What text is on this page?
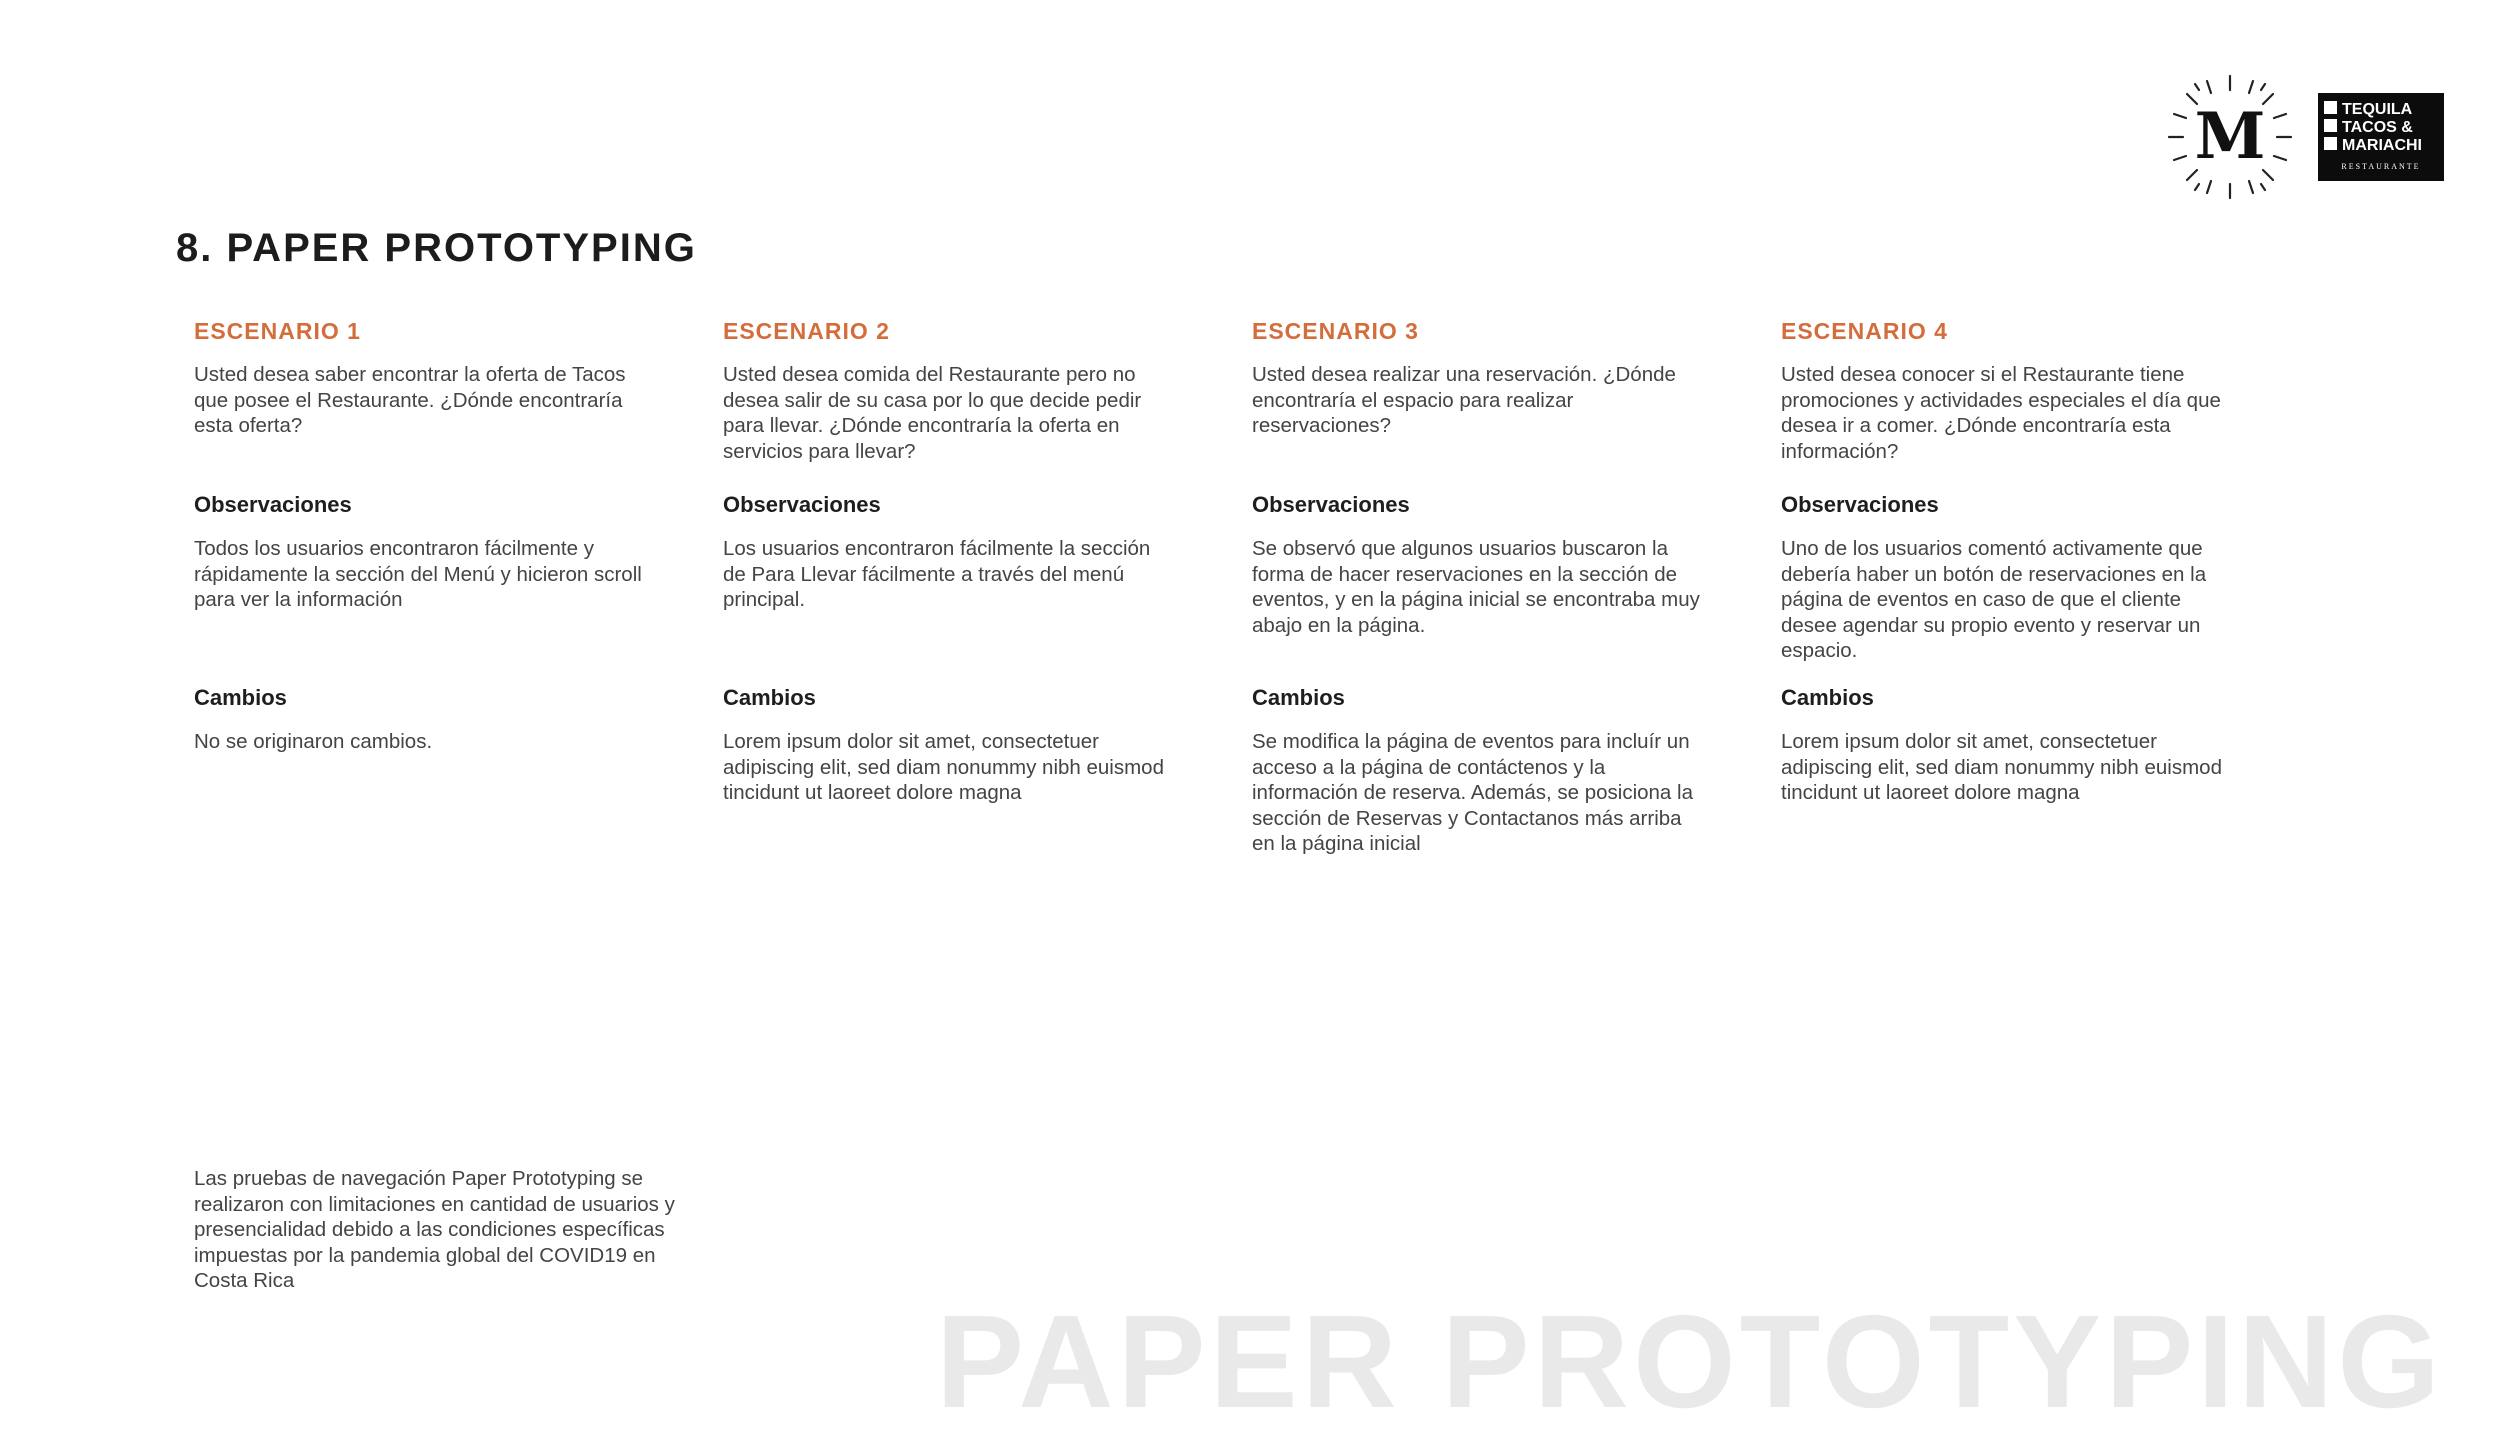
M	TEQUILA
TACOS &
MARIACHI
RESTAURANTE
8. PAPER PROTOTYPING
ESCENARIO 1

Usted desea saber encontrar la oferta de Tacos que posee el Restaurante. ¿Dónde encontraría esta oferta?

Observaciones

Todos los usuarios encontraron fácilmente y rápidamente la sección del Menú y hicieron scroll para ver la información

Cambios

No se originaron cambios.

ESCENARIO 2

Usted desea comida del Restaurante pero no desea salir de su casa por lo que decide pedir para llevar. ¿Dónde encontraría la oferta en servicios para llevar?

Observaciones

Los usuarios encontraron fácilmente la sección de Para Llevar fácilmente a través del menú principal.

Cambios

Lorem ipsum dolor sit amet, consectetuer adipiscing elit, sed diam nonummy nibh euismod tincidunt ut laoreet dolore magna

ESCENARIO 3

Usted desea realizar una reservación. ¿Dónde encontraría el espacio para realizar reservaciones?

Observaciones

Se observó que algunos usuarios buscaron la forma de hacer reservaciones en la sección de eventos, y en la página inicial se encontraba muy abajo en la página.

Cambios

Se modifica la página de eventos para incluír un acceso a la página de contáctenos y la información de reserva. Además, se posiciona la sección de Reservas y Contactanos más arriba en la página inicial

ESCENARIO 4

Usted desea conocer si el Restaurante tiene promociones y actividades especiales el día que desea ir a comer. ¿Dónde encontraría esta información?

Observaciones

Uno de los usuarios comentó activamente que debería haber un botón de reservaciones en la página de eventos en caso de que el cliente desee agendar su propio evento y reservar un espacio.

Cambios

Lorem ipsum dolor sit amet, consectetuer adipiscing elit, sed diam nonummy nibh euismod tincidunt ut laoreet dolore magna

Las pruebas de navegación Paper Prototyping se realizaron con limitaciones en cantidad de usuarios y presencialidad debido a las condiciones específicas impuestas por la pandemia global del COVID19 en Costa Rica

PAPER PROTOTYPING
